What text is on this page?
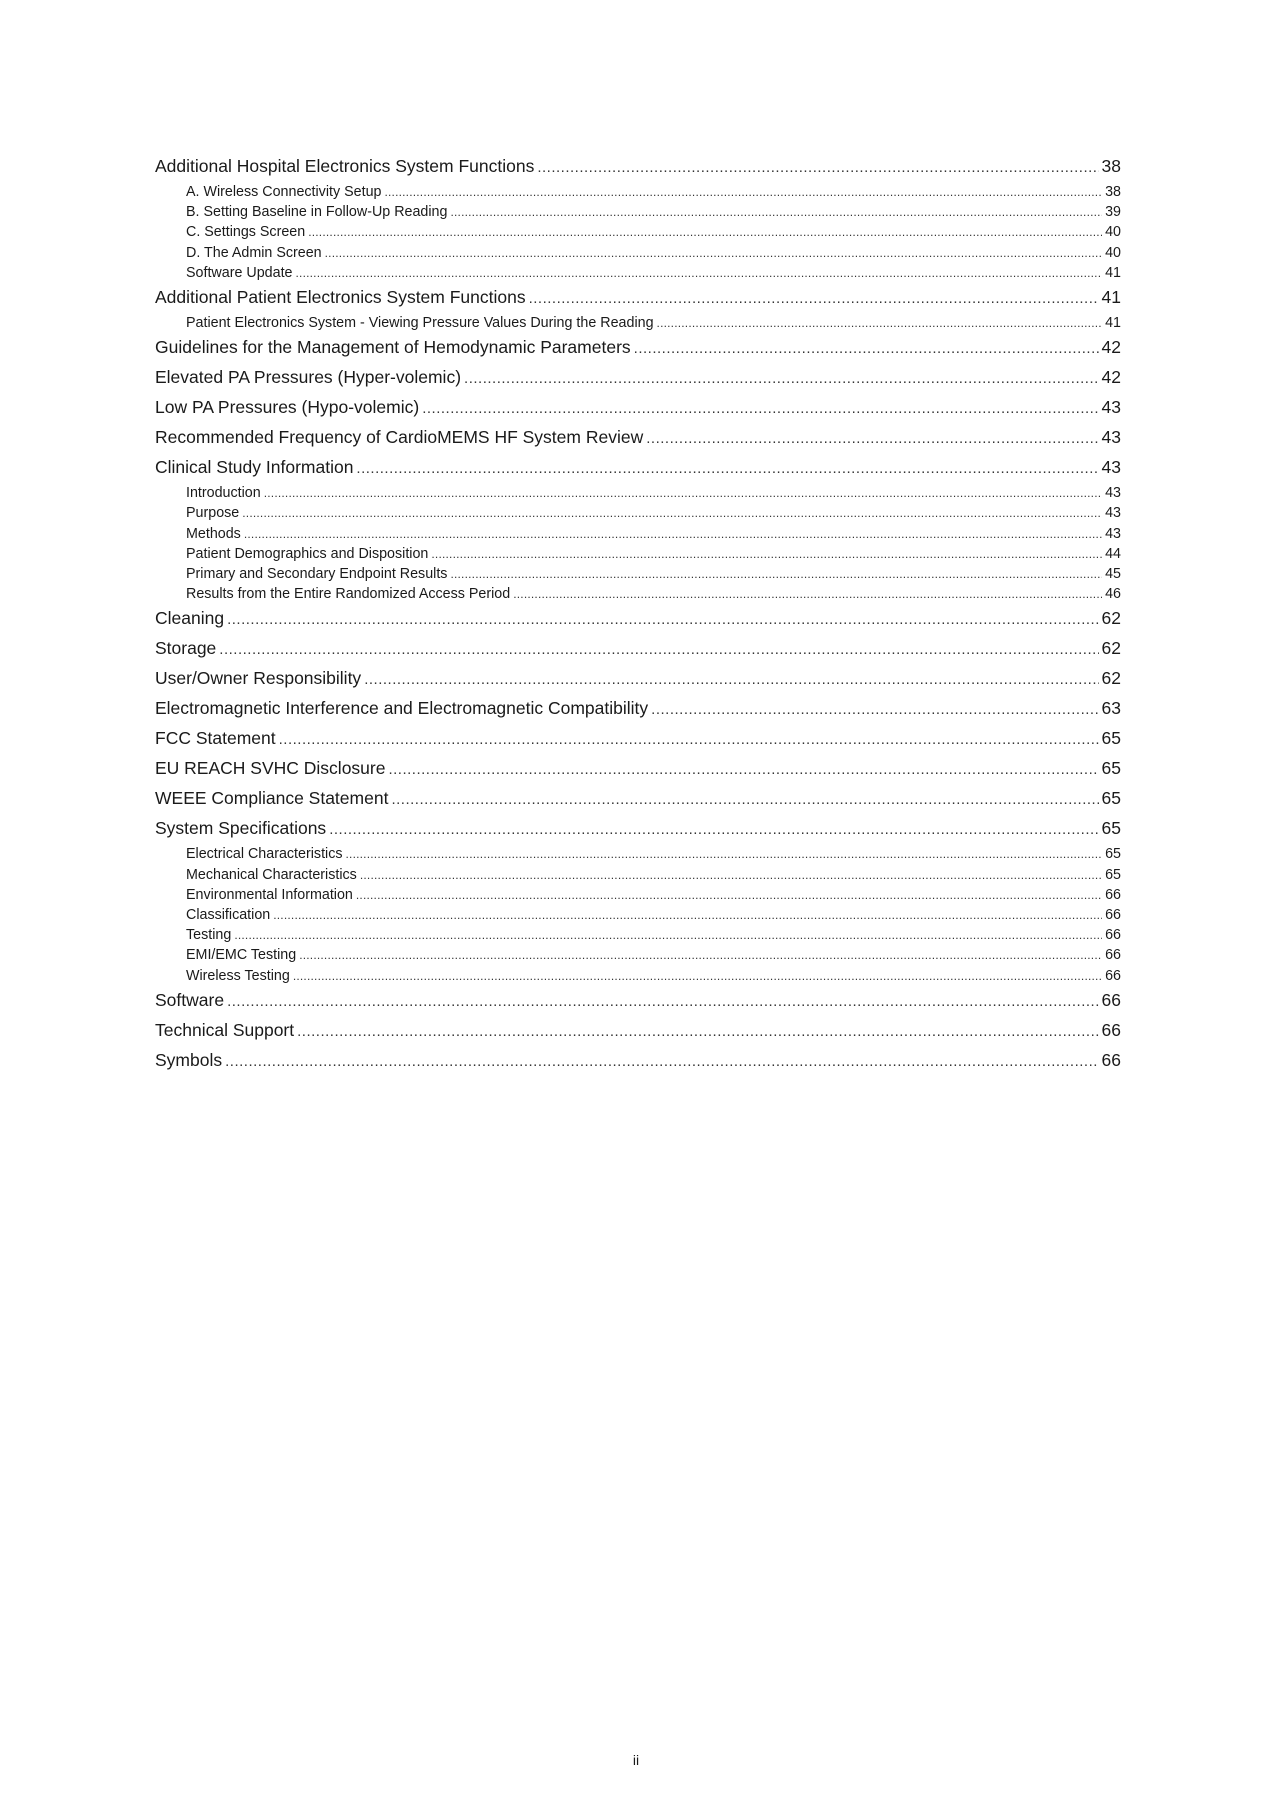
Additional Hospital Electronics System Functions .....	38
A. Wireless Connectivity Setup .....	38
B. Setting Baseline in Follow-Up Reading .....	39
C. Settings Screen .....	40
D. The Admin Screen .....	40
Software Update .....	41
Additional Patient Electronics System Functions .....	41
Patient Electronics System - Viewing Pressure Values During the Reading .....	41
Guidelines for the Management of Hemodynamic Parameters .....	42
Elevated PA Pressures (Hyper-volemic) .....	42
Low PA Pressures (Hypo-volemic) .....	43
Recommended Frequency of CardioMEMS HF System Review .....	43
Clinical Study Information .....	43
Introduction .....	43
Purpose .....	43
Methods .....	43
Patient Demographics and Disposition .....	44
Primary and Secondary Endpoint Results .....	45
Results from the Entire Randomized Access Period .....	46
Cleaning .....	62
Storage .....	62
User/Owner Responsibility .....	62
Electromagnetic Interference and Electromagnetic Compatibility .....	63
FCC Statement .....	65
EU REACH SVHC Disclosure .....	65
WEEE Compliance Statement .....	65
System Specifications .....	65
Electrical Characteristics .....	65
Mechanical Characteristics .....	65
Environmental Information .....	66
Classification .....	66
Testing .....	66
EMI/EMC Testing .....	66
Wireless Testing .....	66
Software .....	66
Technical Support .....	66
Symbols .....	66
ii
